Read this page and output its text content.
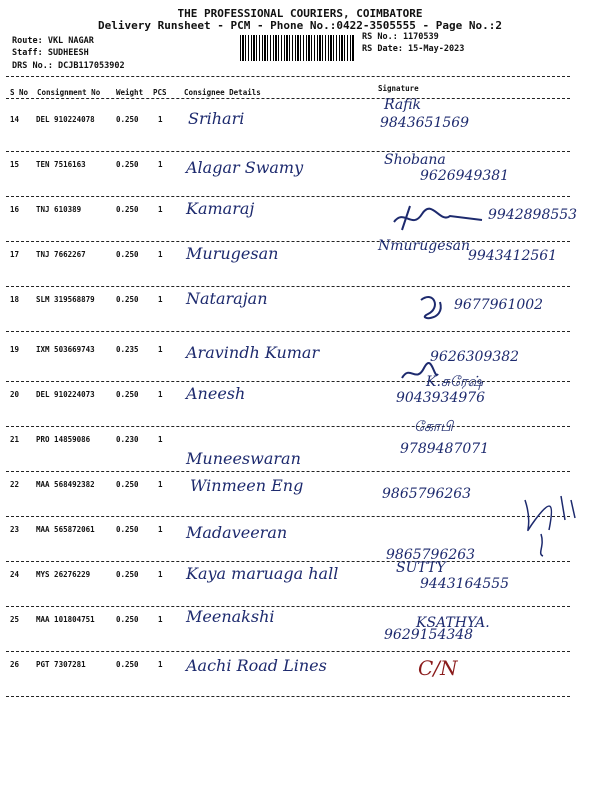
THE PROFESSIONAL COURIERS, COIMBATORE
Delivery Runsheet - PCM - Phone No.:0422-3505555 - Page No.:2
Route: VKL NAGAR
Staff: SUDHEESH
DRS No.: DCJB117053902
RS No.: 1170539
RS Date: 15-May-2023
S No Consignment No Weight PCS Consignee Details	Signature
14 DEL 910224078	0.250	1 Srihari
Rafik
9843651569
15 TEN 7516163	0.250	1 Alagar Swamy	Shobana
9626949381
16 TNJ 610389	0.250	1 Kamaraj	9942898553
17 TNJ 7662267	0.250	1 Murugesan	Nmurugesan
9943412561
18 SLM 319568879	0.250	1 Natarajan	9677961002
19 IXM 503669743	0.235	1 Aravindh Kumar	9626309382
20 DEL 910224073	0.250	1 Aneesh
K.சுரேஷ்
9043934976
21 PRO 14859086	0.230	1
Muneeswaran
கோபி
9789487071
22 MAA 568492382	0.250	1 Winmeen Eng	9865796263
23 MAA 565872061	0.250	1 Madaveeran
9865796263
24 MYS 26276229	0.250	1 Kaya maruaga hall	SUTTY
9443164555
25 MAA 101804751	0.250	1 Meenakshi	KSATHYA.
9629154348
26 PGT 7307281	0.250	1 Aachi Road Lines	C/N
